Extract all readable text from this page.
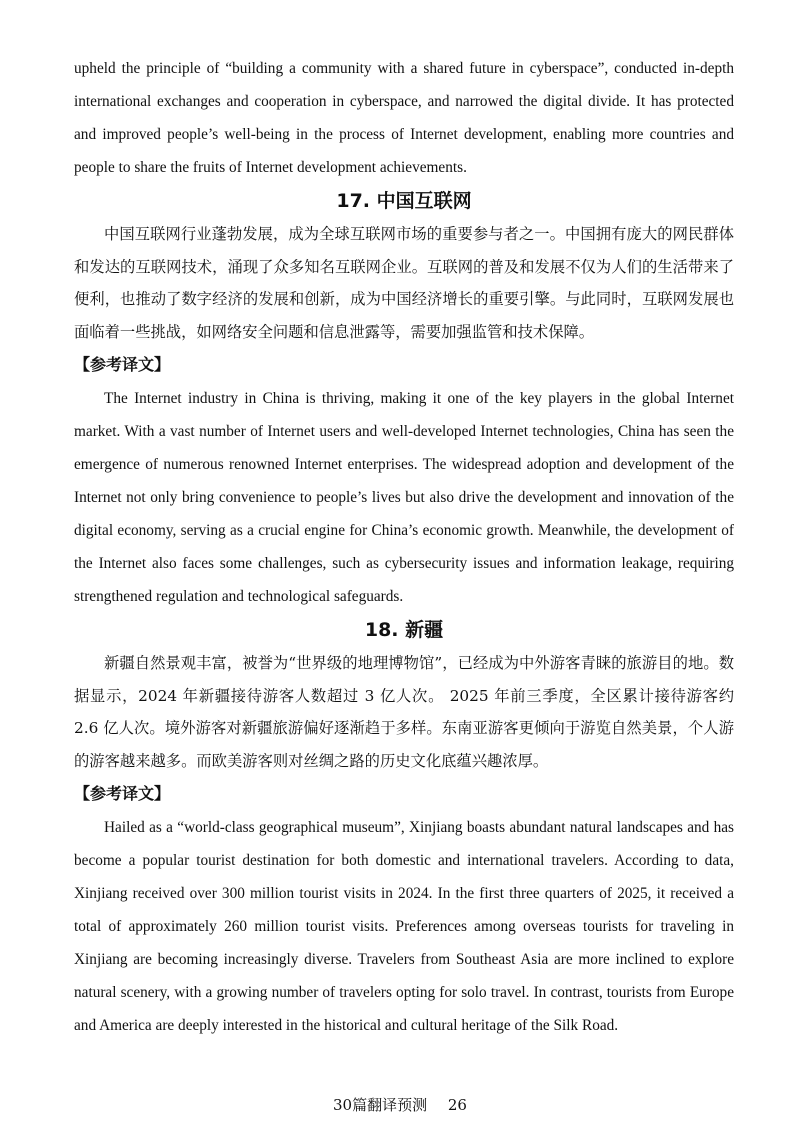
upheld the principle of “building a community with a shared future in cyberspace”, conducted in-depth international exchanges and cooperation in cyberspace, and narrowed the digital divide. It has protected and improved people’s well-being in the process of Internet development, enabling more countries and people to share the fruits of Internet development achievements.

17. 中国互联网

中国互联网行业蓬勃发展，成为全球互联网市场的重要参与者之一。中国拥有庞大的网民群体和发达的互联网技术，涌现了众多知名互联网企业。互联网的普及和发展不仅为人们的生活带来了便利，也推动了数字经济的发展和创新，成为中国经济增长的重要引擎。与此同时，互联网发展也面临着一些挑战，如网络安全问题和信息泄露等，需要加强监管和技术保障。

【参考译文】

The Internet industry in China is thriving, making it one of the key players in the global Internet market. With a vast number of Internet users and well-developed Internet technologies, China has seen the emergence of numerous renowned Internet enterprises. The widespread adoption and development of the Internet not only bring convenience to people’s lives but also drive the development and innovation of the digital economy, serving as a crucial engine for China’s economic growth. Meanwhile, the development of the Internet also faces some challenges, such as cybersecurity issues and information leakage, requiring strengthened regulation and technological safeguards.

18. 新疆

新疆自然景观丰富，被誉为“世界级的地理博物馆”，已经成为中外游客青睐的旅游目的地。数据显示，2024 年新疆接待游客人数超过 3 亿人次。 2025 年前三季度，全区累计接待游客约 2.6 亿人次。境外游客对新疆旅游偏好逐渐趋于多样。东南亚游客更倾向于游览自然美景，个人游的游客越来越多。而欧美游客则对丝绸之路的历史文化底蕴兴趣浓厚。

【参考译文】

Hailed as a “world-class geographical museum”, Xinjiang boasts abundant natural landscapes and has become a popular tourist destination for both domestic and international travelers. According to data, Xinjiang received over 300 million tourist visits in 2024. In the first three quarters of 2025, it received a total of approximately 260 million tourist visits. Preferences among overseas tourists for traveling in Xinjiang are becoming increasingly diverse. Travelers from Southeast Asia are more inclined to explore natural scenery, with a growing number of travelers opting for solo travel. In contrast, tourists from Europe and America are deeply interested in the historical and cultural heritage of the Silk Road.

30篇翻译预测 26
